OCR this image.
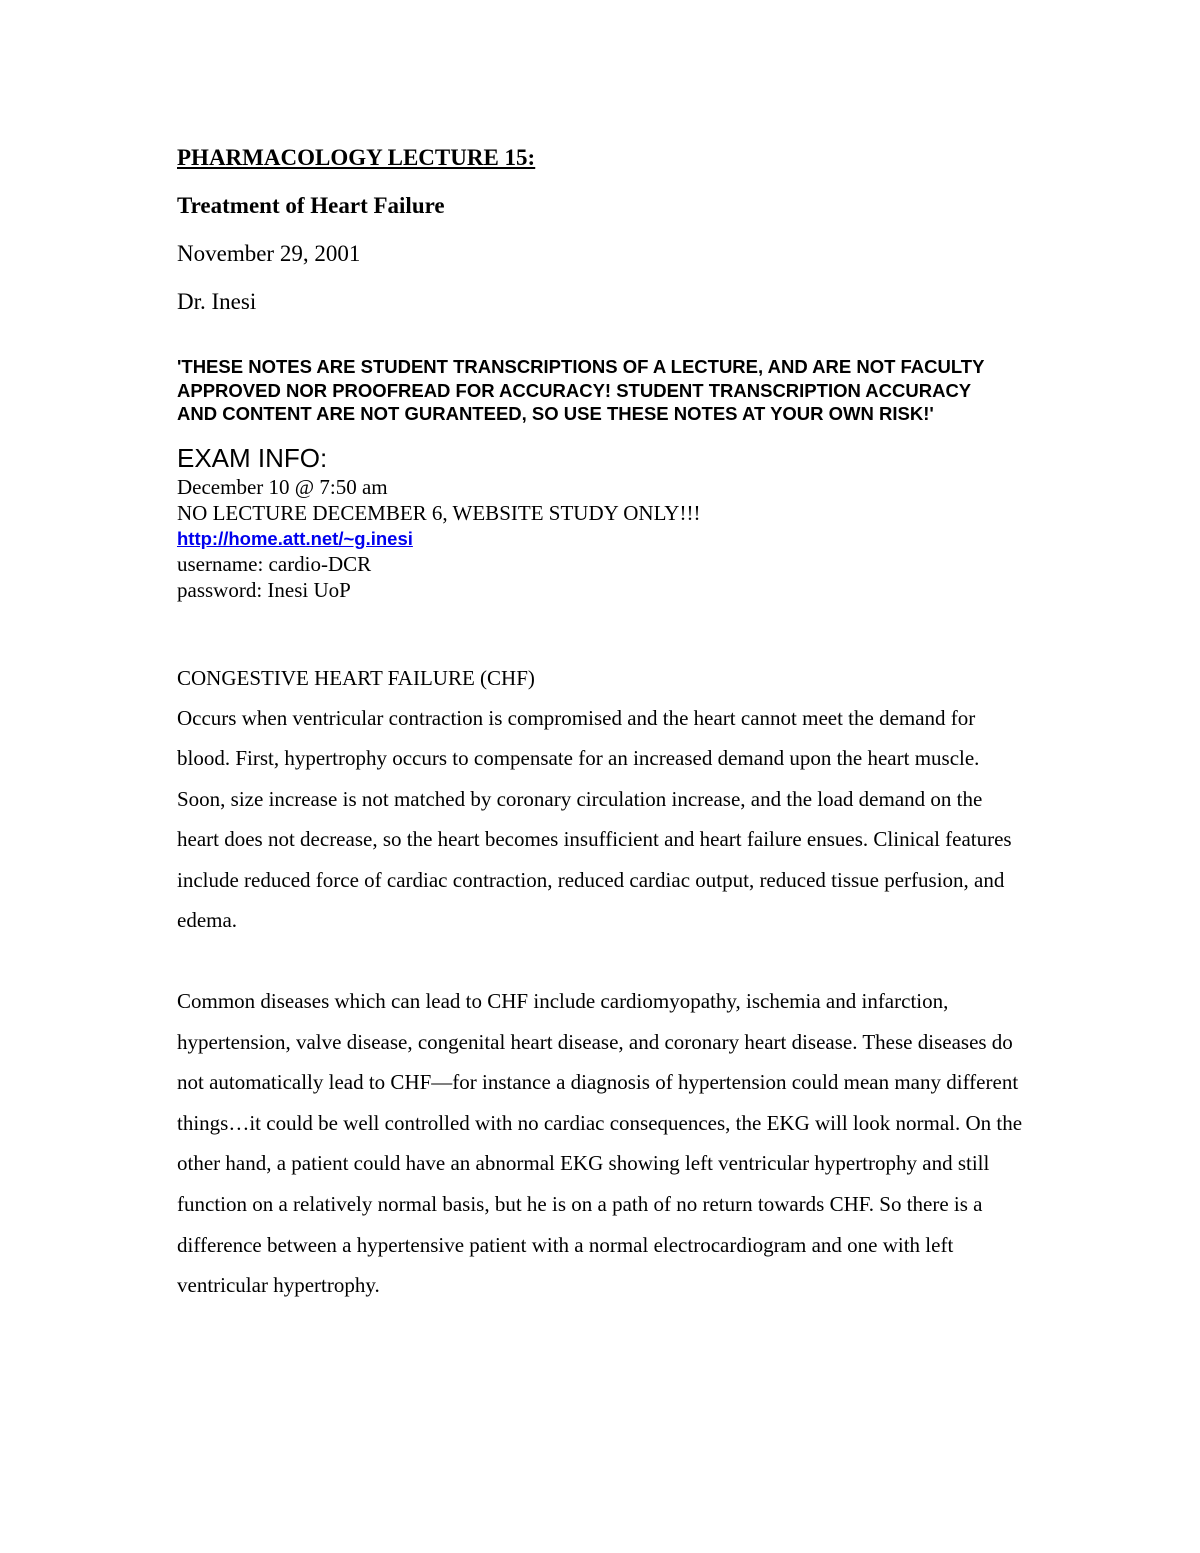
PHARMACOLOGY LECTURE 15:

Treatment of Heart Failure

November 29, 2001

Dr. Inesi

'THESE NOTES ARE STUDENT TRANSCRIPTIONS OF A LECTURE, AND ARE NOT FACULTY APPROVED NOR PROOFREAD FOR ACCURACY! STUDENT TRANSCRIPTION ACCURACY AND CONTENT ARE NOT GURANTEED, SO USE THESE NOTES AT YOUR OWN RISK!'

EXAM INFO:

December 10 @ 7:50 am

NO LECTURE DECEMBER 6, WEBSITE STUDY ONLY!!!

http://home.att.net/~g.inesi

username: cardio-DCR

password: Inesi UoP

CONGESTIVE HEART FAILURE (CHF)

Occurs when ventricular contraction is compromised and the heart cannot meet the demand for blood. First, hypertrophy occurs to compensate for an increased demand upon the heart muscle. Soon, size increase is not matched by coronary circulation increase, and the load demand on the heart does not decrease, so the heart becomes insufficient and heart failure ensues. Clinical features include reduced force of cardiac contraction, reduced cardiac output, reduced tissue perfusion, and edema.

Common diseases which can lead to CHF include cardiomyopathy, ischemia and infarction, hypertension, valve disease, congenital heart disease, and coronary heart disease. These diseases do not automatically lead to CHF—for instance a diagnosis of hypertension could mean many different things…it could be well controlled with no cardiac consequences, the EKG will look normal. On the other hand, a patient could have an abnormal EKG showing left ventricular hypertrophy and still function on a relatively normal basis, but he is on a path of no return towards CHF. So there is a difference between a hypertensive patient with a normal electrocardiogram and one with left ventricular hypertrophy.
